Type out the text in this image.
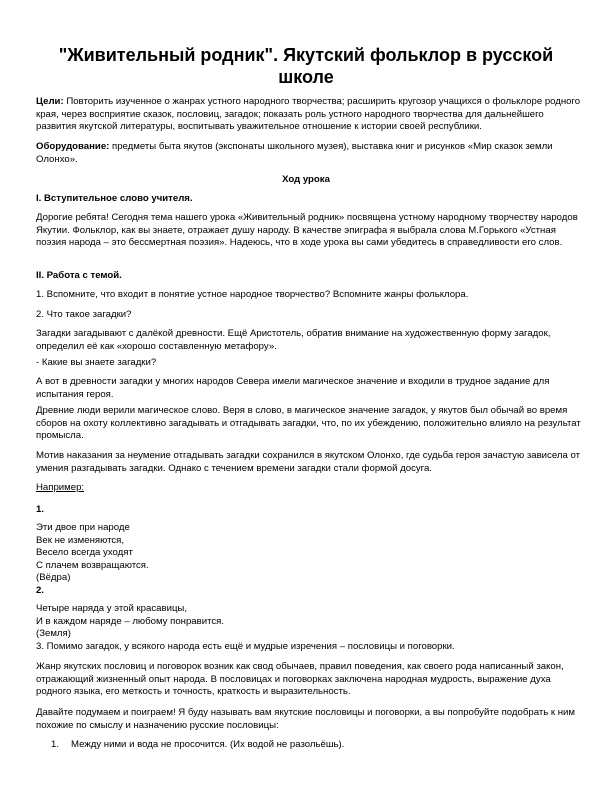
"Живительный родник". Якутский фольклор в русской школе

Цели: Повторить изученное о жанрах устного народного творчества; расширить кругозор учащихся о фольклоре родного края, через восприятие сказок, пословиц, загадок; показать роль устного народного творчества для дальнейшего развития якутской литературы, воспитывать уважительное отношение к истории своей республики.

Оборудование: предметы быта якутов (экспонаты школьного музея), выставка книг и рисунков «Мир сказок земли Олонхо».

Ход урока

I. Вступительное слово учителя.

Дорогие ребята! Сегодня тема нашего урока «Живительный родник» посвящена устному народному творчеству народов Якутии. Фольклор, как вы знаете, отражает душу народу. В качестве эпиграфа я выбрала слова М.Горького «Устная поэзия народа – это бессмертная поэзия». Надеюсь, что в ходе урока вы сами убедитесь в справедливости его слов.

II. Работа с темой.

1. Вспомните, что входит в понятие устное народное творчество? Вспомните жанры фольклора.

2. Что такое загадки?

Загадки загадывают с далёкой древности. Ещё Аристотель, обратив внимание на художественную форму загадок, определил её как «хорошо составленную метафору».

- Какие вы знаете загадки?

А вот в древности загадки у многих народов Севера имели магическое значение и входили в трудное задание для испытания героя.

Древние люди верили магическое слово. Веря в слово, в магическое значение загадок, у якутов был обычай во время сборов на охоту коллективно загадывать и отгадывать загадки, что, по их убеждению, положительно влияло на результат промысла.

Мотив наказания за неумение отгадывать загадки сохранился в якутском Олонхо, где судьба героя зачастую зависела от умения разгадывать загадки. Однако с течением времени загадки стали формой досуга.

Например:

1.

Эти двое при народе
Век не изменяются,
Весело всегда уходят
С плачем возвращаются.
(Вёдра)
2.
Четыре наряда у этой красавицы,
И в каждом наряде – любому понравится.
(Земля)
3. Помимо загадок, у всякого народа есть ещё и мудрые изречения – пословицы и поговорки.

Жанр якутских пословиц и поговорок возник как свод обычаев, правил поведения, как своего рода написанный закон, отражающий жизненный опыт народа. В пословицах и поговорках заключена народная мудрость, выражение духа родного языка, его меткость и точность, краткость и выразительность.

Давайте подумаем и поиграем! Я буду называть вам якутские пословицы и поговорки, а вы попробуйте подобрать к ним похожие по смыслу и назначению русские пословицы:

1. Между ними и вода не просочится. (Их водой не разольёшь).
